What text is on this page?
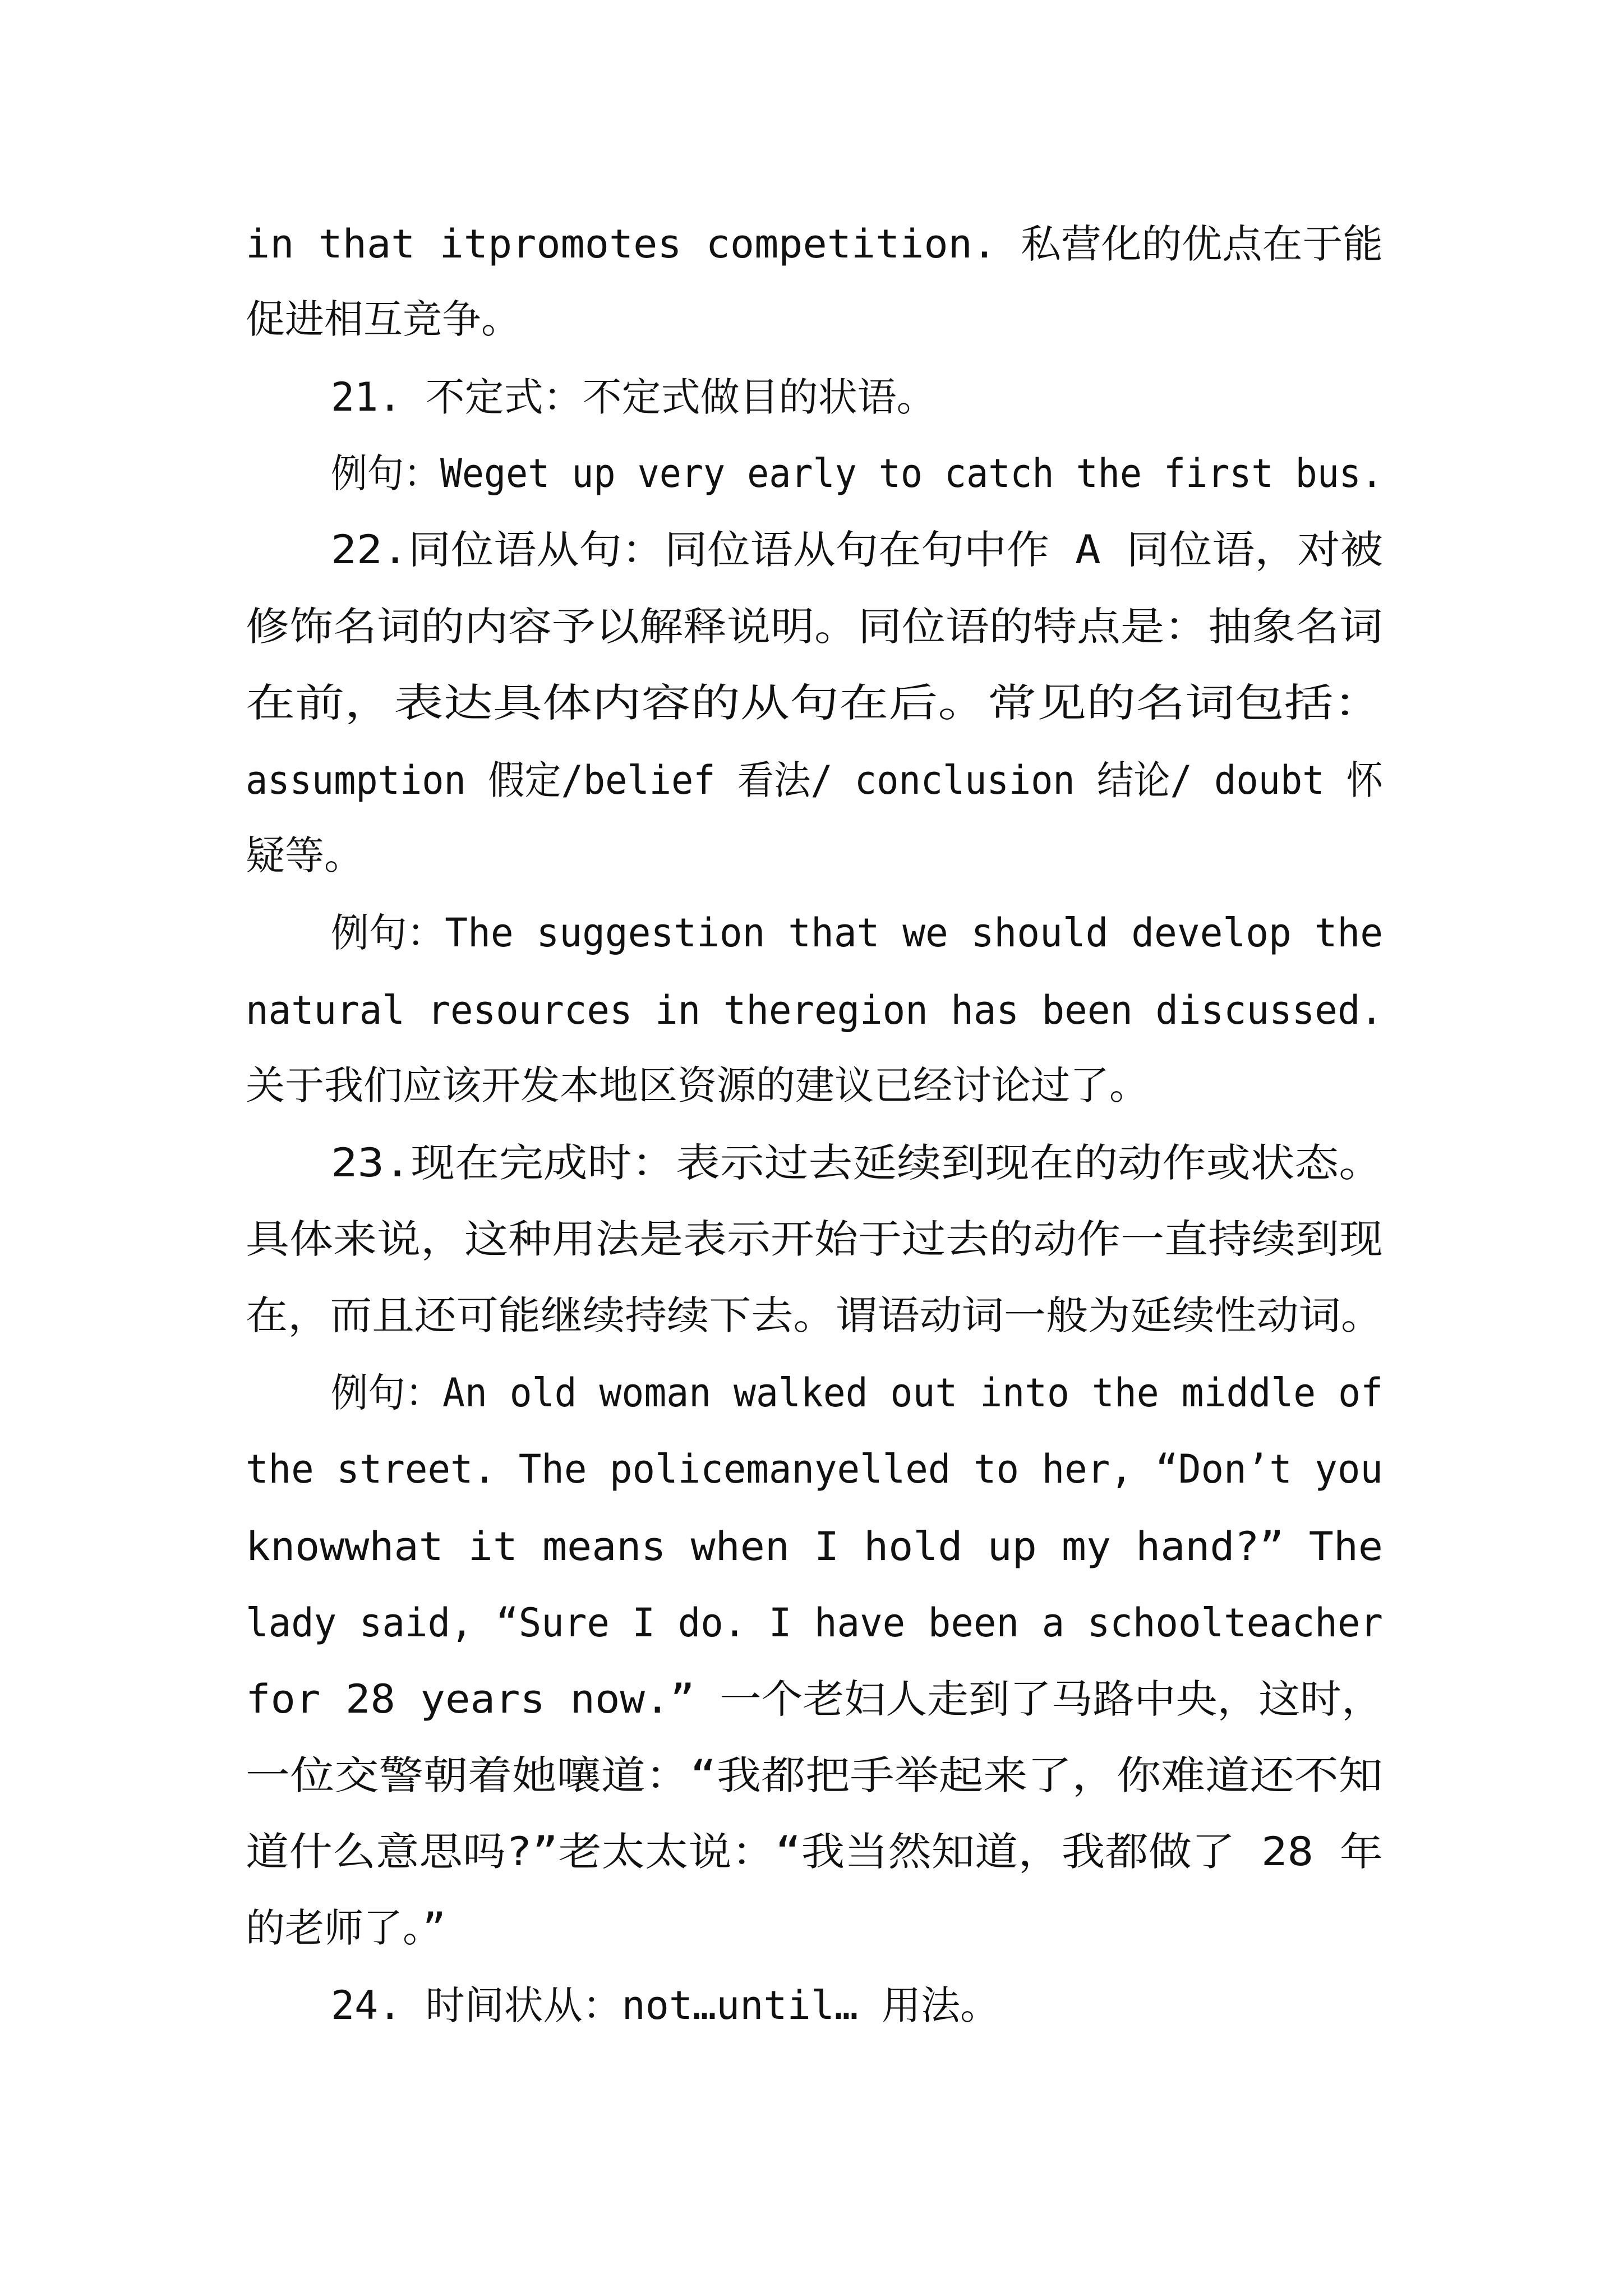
in that itpromotes competition. 私营化的优点在于能

促进相互竞争。

21. 不定式：不定式做目的状语。

例句：Weget up very early to catch the first bus.

22.同位语从句：同位语从句在句中作 A 同位语，对被

修饰名词的内容予以解释说明。同位语的特点是：抽象名词

在前，表达具体内容的从句在后。常见的名词包括：

assumption 假定/belief 看法/ conclusion 结论/ doubt 怀

疑等。

例句：The suggestion that we should develop the

natural resources in theregion has been discussed.

关于我们应该开发本地区资源的建议已经讨论过了。

23.现在完成时：表示过去延续到现在的动作或状态。

具体来说，这种用法是表示开始于过去的动作一直持续到现

在，而且还可能继续持续下去。谓语动词一般为延续性动词。

例句：An old woman walked out into the middle of

the street. The policemanyelled to her, “Don’t you

knowwhat it means when I hold up my hand?” The

lady said, “Sure I do. I have been a schoolteacher

for 28 years now.” 一个老妇人走到了马路中央，这时，

一位交警朝着她嚷道：“我都把手举起来了，你难道还不知

道什么意思吗?”老太太说：“我当然知道，我都做了 28 年

的老师了。”

24. 时间状从：not…until… 用法。
